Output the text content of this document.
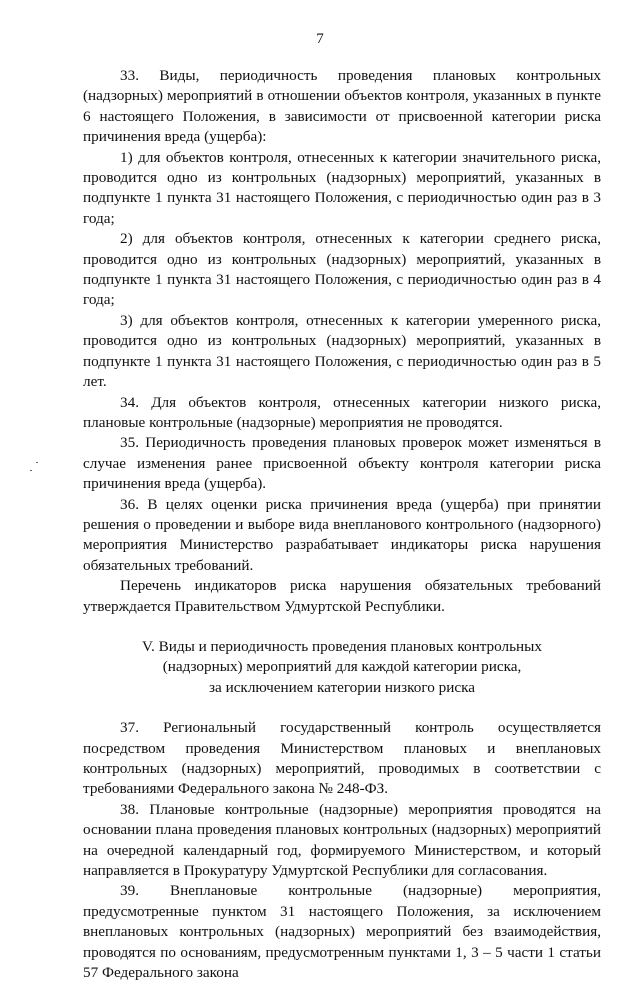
7

33. Виды, периодичность проведения плановых контрольных (надзорных) мероприятий в отношении объектов контроля, указанных в пункте 6 настоящего Положения, в зависимости от присвоенной категории риска причинения вреда (ущерба):

1) для объектов контроля, отнесенных к категории значительного риска, проводится одно из контрольных (надзорных) мероприятий, указанных в подпункте 1 пункта 31 настоящего Положения, с периодичностью один раз в 3 года;

2) для объектов контроля, отнесенных к категории среднего риска, проводится одно из контрольных (надзорных) мероприятий, указанных в подпункте 1 пункта 31 настоящего Положения, с периодичностью один раз в 4 года;

3) для объектов контроля, отнесенных к категории умеренного риска, проводится одно из контрольных (надзорных) мероприятий, указанных в подпункте 1 пункта 31 настоящего Положения, с периодичностью один раз в 5 лет.

34. Для объектов контроля, отнесенных категории низкого риска, плановые контрольные (надзорные) мероприятия не проводятся.

35. Периодичность проведения плановых проверок может изменяться в случае изменения ранее присвоенной объекту контроля категории риска причинения вреда (ущерба).

36. В целях оценки риска причинения вреда (ущерба) при принятии решения о проведении и выборе вида внепланового контрольного (надзорного) мероприятия Министерство разрабатывает индикаторы риска нарушения обязательных требований.

Перечень индикаторов риска нарушения обязательных требований утверждается Правительством Удмуртской Республики.

V. Виды и периодичность проведения плановых контрольных

(надзорных) мероприятий для каждой категории риска,

за исключением категории низкого риска

37. Региональный государственный контроль осуществляется посредством проведения Министерством плановых и внеплановых контрольных (надзорных) мероприятий, проводимых в соответствии с требованиями Федерального закона № 248-ФЗ.

38. Плановые контрольные (надзорные) мероприятия проводятся на основании плана проведения плановых контрольных (надзорных) мероприятий на очередной календарный год, формируемого Министерством, и который направляется в Прокуратуру Удмуртской Республики для согласования.

39. Внеплановые контрольные (надзорные) мероприятия, предусмотренные пунктом 31 настоящего Положения, за исключением внеплановых контрольных (надзорных) мероприятий без взаимодействия, проводятся по основаниям, предусмотренным пунктами 1, 3 – 5 части 1 статьи 57 Федерального закона
